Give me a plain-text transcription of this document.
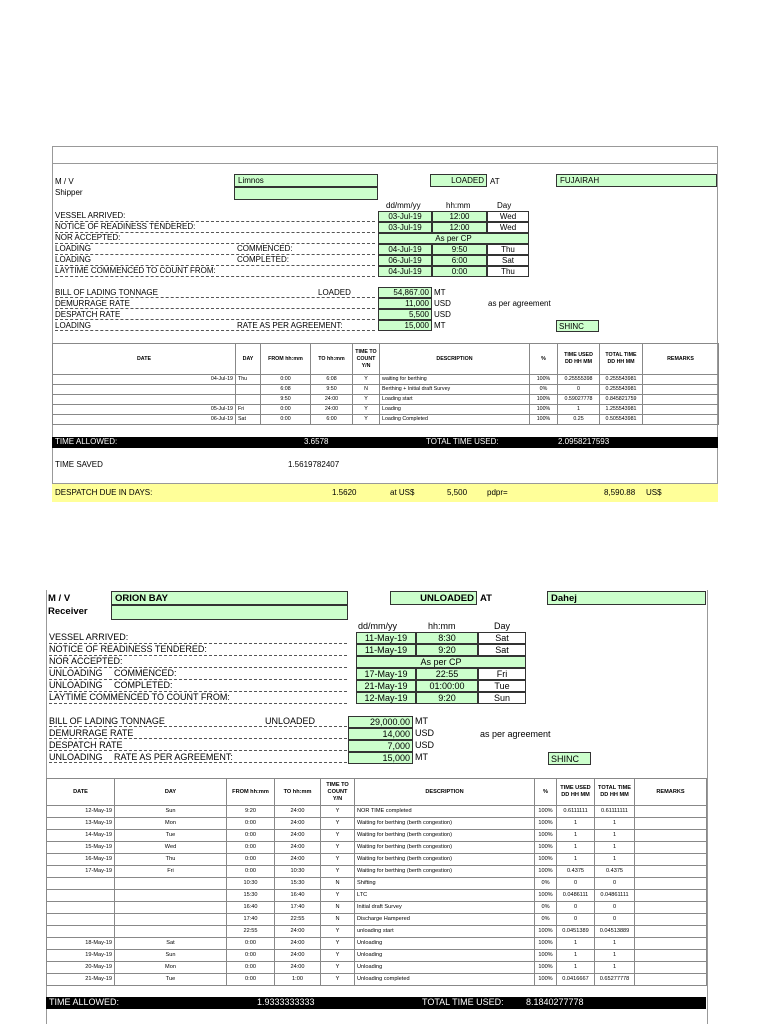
M / V
Shipper
Limnos	LOADED AT	FUJAIRAH
dd/mm/yy	hh:mm	Day
VESSEL ARRIVED:	03-Jul-19	12:00	Wed
NOTICE OF READINESS TENDERED:	03-Jul-19	12:00	Wed
NOR ACCEPTED:	As per CP
LOADING	COMMENCED:	04-Jul-19	9:50	Thu
LOADING	COMPLETED:	06-Jul-19	6:00	Sat
LAYTIME COMMENCED TO COUNT FROM:	04-Jul-19	0:00	Thu
BILL OF LADING TONNAGE	LOADED	54,867.00 MT
DEMURRAGE RATE	11,000 USD	as per agreement
DESPATCH RATE	5,500 USD
LOADING	RATE AS PER AGREEMENT:	15,000 MT	SHINC
DATE	DAY	FROM hh:mm	TO hh:mm	TIME TO COUNT Y/N	DESCRIPTION	%	TIME USED DD HH MM	TOTAL TIME DD HH MM	REMARKS
04-Jul-19	Thu	0:00	6:08	Y	waiting for berthing	100%	0.25555398	0.255543981	
		6:08	9:50	N	Berthing + Initial draft Survey	0%	0	0.255543981	
		9:50	24:00	Y	Loading start	100%	0.59027778	0.845821759	
05-Jul-19	Fri	0:00	24:00	Y	Loading	100%	1	1.255543981	
06-Jul-19	Sat	0:00	6:00	Y	Loading Completed	100%	0.25	0.505543981	
TIME ALLOWED:	3.6578	TOTAL TIME USED:	2.0958217593
TIME SAVED	1.5619782407
DESPATCH DUE IN DAYS:	1.5620	at US$	5,500 pdpr=	8,590.88 US$
M / V
Receiver
ORION BAY	UNLOADED AT	Dahej
dd/mm/yy	hh:mm	Day
VESSEL ARRIVED:	11-May-19	8:30	Sat
NOTICE OF READINESS TENDERED:	11-May-19	9:20	Sat
NOR ACCEPTED:	As per CP
UNLOADING COMMENCED:	17-May-19	22:55	Fri
UNLOADING COMPLETED:	21-May-19	01:00:00	Tue
LAYTIME COMMENCED TO COUNT FROM:	12-May-19	9:20	Sun
BILL OF LADING TONNAGE	UNLOADED	29,000.00 MT
DEMURRAGE RATE	14,000 USD	as per agreement
DESPATCH RATE	7,000 USD
UNLOADING	RATE AS PER AGREEMENT:	15,000 MT	SHINC
DATE	DAY	FROM hh:mm	TO hh:mm	TIME TO COUNT Y/N	DESCRIPTION	%	TIME USED DD HH MM	TOTAL TIME DD HH MM	REMARKS
12-May-19	Sun	9:20	24:00	Y	NOR TIME completed	100%	0.6111111	0.61111111	
13-May-19	Mon	0:00	24:00	Y	Waiting for berthing (berth congestion)	100%	1	1	
14-May-19	Tue	0:00	24:00	Y	Waiting for berthing (berth congestion)	100%	1	1	
15-May-19	Wed	0:00	24:00	Y	Waiting for berthing (berth congestion)	100%	1	1	
16-May-19	Thu	0:00	24:00	Y	Waiting for berthing (berth congestion)	100%	1	1	
17-May-19	Fri	0:00	10:30	Y	Waiting for berthing (berth congestion)	100%	0.4375	0.4375	
		10:30	15:30	N	Shifting	0%	0	0	
		15:30	16:40	Y	LTC	100%	0.0486111	0.04861111	
		16:40	17:40	N	Initial draft Survey	0%	0	0	
		17:40	22:55	N	Discharge Hampered	0%	0	0	
		22:55	24:00	Y	unloading start	100%	0.0451389	0.04513889	
18-May-19	Sat	0:00	24:00	Y	Unloading	100%	1	1	
19-May-19	Sun	0:00	24:00	Y	Unloading	100%	1	1	
20-May-19	Mon	0:00	24:00	Y	Unloading	100%	1	1	
21-May-19	Tue	0:00	1:00	Y	Unloading completed	100%	0.0416667	0.65277778	
TIME ALLOWED:	1.9333333333	TOTAL TIME USED: 8.1840277778
